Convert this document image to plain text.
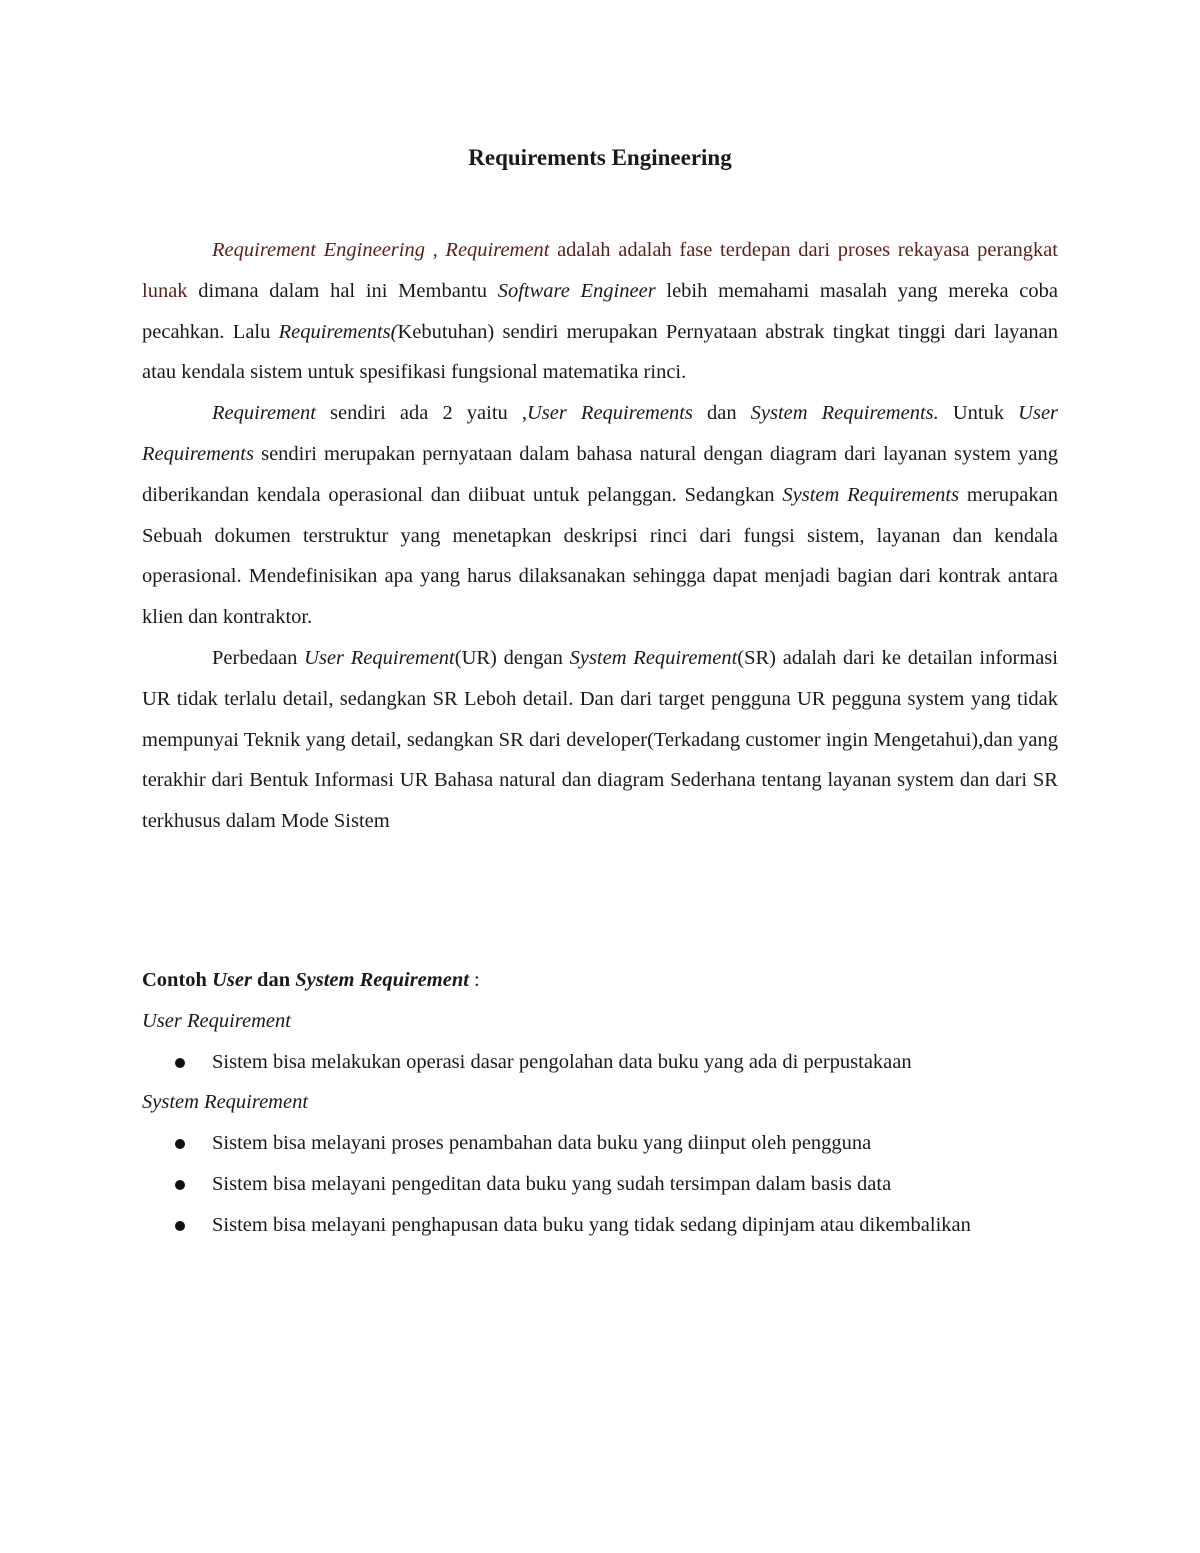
Requirements Engineering

Requirement Engineering , Requirement adalah adalah fase terdepan dari proses rekayasa perangkat lunak dimana dalam hal ini Membantu Software Engineer lebih memahami masalah yang mereka coba pecahkan. Lalu Requirements(Kebutuhan) sendiri merupakan Pernyataan abstrak tingkat tinggi dari layanan atau kendala sistem untuk spesifikasi fungsional matematika rinci.

Requirement sendiri ada 2 yaitu ,User Requirements dan System Requirements. Untuk User Requirements sendiri merupakan pernyataan dalam bahasa natural dengan diagram dari layanan system yang diberikandan kendala operasional dan diibuat untuk pelanggan. Sedangkan System Requirements merupakan Sebuah dokumen terstruktur yang menetapkan deskripsi rinci dari fungsi sistem, layanan dan kendala operasional. Mendefinisikan apa yang harus dilaksanakan sehingga dapat menjadi bagian dari kontrak antara klien dan kontraktor.

Perbedaan User Requirement(UR) dengan System Requirement(SR) adalah dari ke detailan informasi UR tidak terlalu detail, sedangkan SR Leboh detail. Dan dari target pengguna UR pegguna system yang tidak mempunyai Teknik yang detail, sedangkan SR dari developer(Terkadang customer ingin Mengetahui),dan yang terakhir dari Bentuk Informasi UR Bahasa natural dan diagram Sederhana tentang layanan system dan dari SR terkhusus dalam Mode Sistem

Contoh User dan System Requirement :

User Requirement

Sistem bisa melakukan operasi dasar pengolahan data buku yang ada di perpustakaan

System Requirement

Sistem bisa melayani proses penambahan data buku yang diinput oleh pengguna
Sistem bisa melayani pengeditan data buku yang sudah tersimpan dalam basis data
Sistem bisa melayani penghapusan data buku yang tidak sedang dipinjam atau dikembalikan
